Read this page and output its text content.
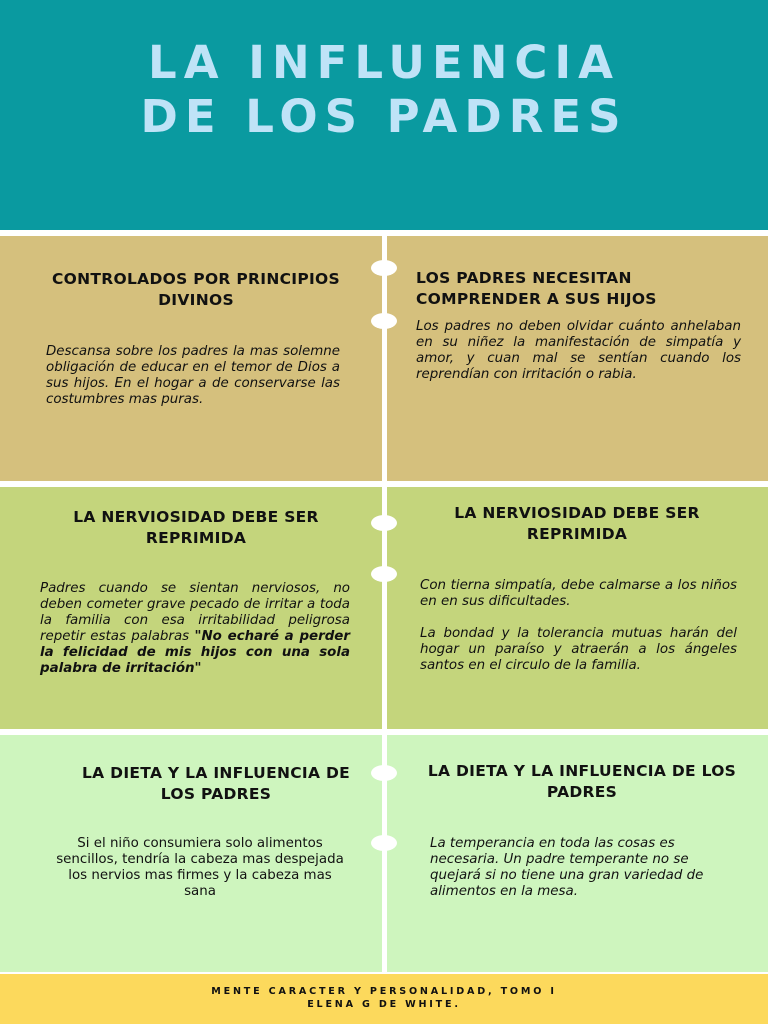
LA INFLUENCIA
DE LOS PADRES
CONTROLADOS POR PRINCIPIOS DIVINOS

Descansa sobre los padres la mas solemne obligación de educar en el temor de Dios a sus hijos. En el hogar a de conservarse las costumbres mas puras.

LOS PADRES NECESITAN COMPRENDER A SUS HIJOS

Los padres no deben olvidar cuánto anhelaban en su niñez la manifestación de simpatía y amor, y cuan mal se sentían cuando los reprendían con irritación o rabia.

LA NERVIOSIDAD DEBE SER REPRIMIDA

Padres cuando se sientan nerviosos, no deben cometer grave pecado de irritar a toda la familia con esa irritabilidad peligrosa repetir estas palabras "No echaré a perder la felicidad de mis hijos con una sola palabra de irritación"

LA NERVIOSIDAD DEBE SER REPRIMIDA

Con tierna simpatía, debe calmarse a los niños en en sus dificultades.

La bondad y la tolerancia mutuas harán del hogar un paraíso y atraerán a los ángeles santos en el circulo de la familia.

LA DIETA Y LA INFLUENCIA DE LOS PADRES

Si el niño consumiera solo alimentos sencillos, tendría la cabeza mas despejada los nervios mas firmes y la cabeza mas sana

LA DIETA Y LA INFLUENCIA DE LOS PADRES

La temperancia en toda las cosas es necesaria. Un padre temperante no se quejará si no tiene una gran variedad de alimentos en la mesa.

MENTE CARACTER Y PERSONALIDAD, TOMO I
ELENA G DE WHITE.
